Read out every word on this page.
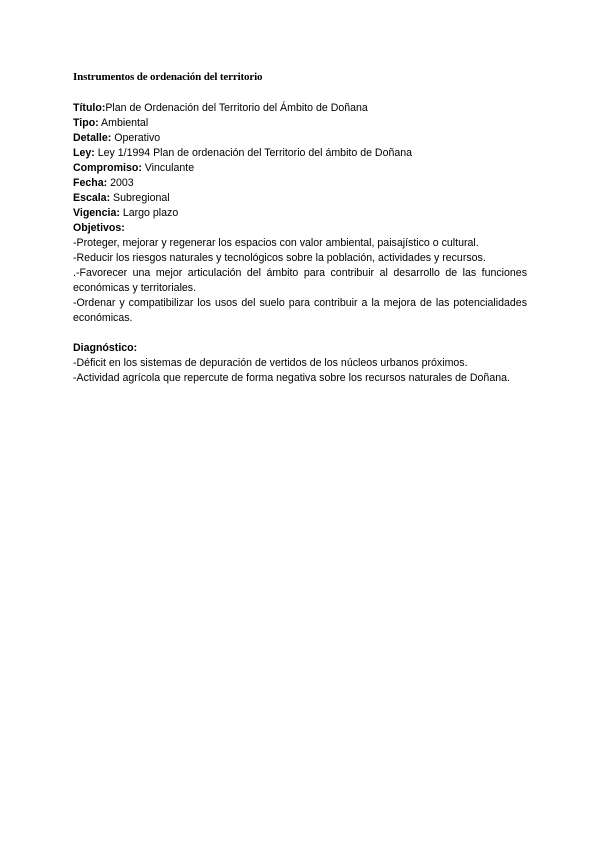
Instrumentos de ordenación del territorio
Título:Plan de Ordenación del Territorio del Ámbito de Doñana
Tipo: Ambiental
Detalle: Operativo
Ley: Ley 1/1994 Plan de ordenación del Territorio del ámbito de Doñana
Compromiso: Vinculante
Fecha: 2003
Escala: Subregional
Vigencia: Largo plazo
Objetivos:
-Proteger, mejorar y regenerar los espacios con valor ambiental, paisajístico o cultural.
-Reducir los riesgos naturales y tecnológicos sobre la población, actividades y recursos.
.-Favorecer una mejor articulación del ámbito para contribuir al desarrollo de las funciones económicas y territoriales.
-Ordenar y compatibilizar los usos del suelo para contribuir a la mejora de las potencialidades económicas.
Diagnóstico:
-Déficit en los sistemas de depuración de vertidos de los núcleos urbanos próximos.
-Actividad agrícola que repercute de forma negativa sobre los recursos naturales de Doñana.
